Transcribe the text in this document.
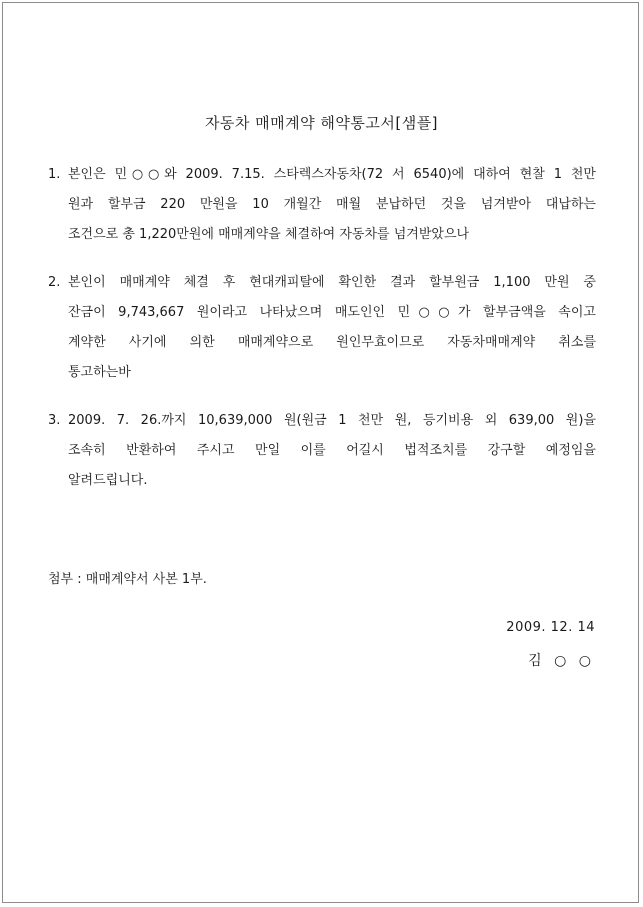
자동차 매매계약 해약통고서[샘플]
1. 본인은 민○○와 2009. 7.15. 스타렉스자동차(72 서 6540)에 대하여 현찰 1 천만
원과 할부금 220 만원을 10 개월간 매월 분납하던 것을 넘겨받아 대납하는
조건으로 총 1,220만원에 매매계약을 체결하여 자동차를 넘겨받았으나
2. 본인이 매매계약 체결 후 현대캐피탈에 확인한 결과 할부원금 1,100 만원 중
잔금이 9,743,667 원이라고 나타났으며 매도인인 민○○가 할부금액을 속이고
계약한 사기에 의한 매매계약으로 원인무효이므로 자동차매매계약 취소를
통고하는바
3. 2009. 7. 26.까지 10,639,000 원(원금 1 천만 원, 등기비용 외 639,00 원)을
조속히 반환하여 주시고 만일 이를 어길시 법적조치를 강구할 예정임을
알려드립니다.
첨부 : 매매계약서 사본 1부.
2009. 12. 14
김 ○ ○
